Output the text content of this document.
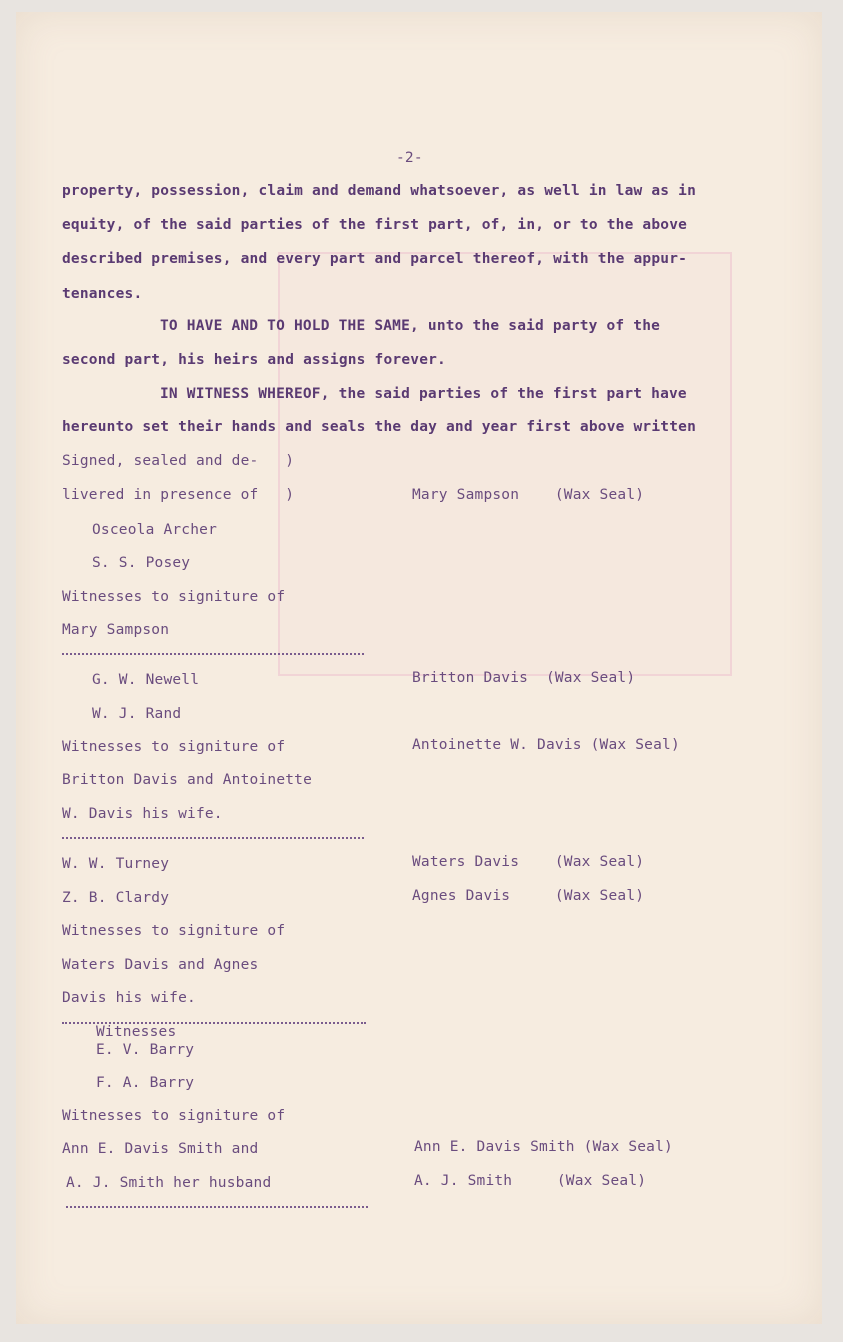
-2-
property, possession, claim and demand whatsoever, as well in law as in
equity, of the said parties of the first part, of, in, or to the above
described premises, and every part and parcel thereof, with the appur-
tenances.
TO HAVE AND TO HOLD THE SAME, unto the said party of the
second part, his heirs and assigns forever.
IN WITNESS WHEREOF, the said parties of the first part have
hereunto set their hands and seals the day and year first above written
Signed, sealed and de-   )
livered in presence of   )	Mary Sampson    (Wax Seal)
Osceola Archer
S. S. Posey
Witnesses to signiture of
Mary Sampson
G. W. Newell	Britton Davis  (Wax Seal)
W. J. Rand
Witnesses to signiture of	Antoinette W. Davis (Wax Seal)
Britton Davis and Antoinette
W. Davis his wife.
W. W. Turney	Waters Davis    (Wax Seal)
Z. B. Clardy	Agnes Davis     (Wax Seal)
Witnesses to signiture of
Waters Davis and Agnes
Davis his wife.
Witnesses
E. V. Barry
F. A. Barry
Witnesses to signiture of
Ann E. Davis Smith and	Ann E. Davis Smith (Wax Seal)
A. J. Smith her husband	A. J. Smith     (Wax Seal)
